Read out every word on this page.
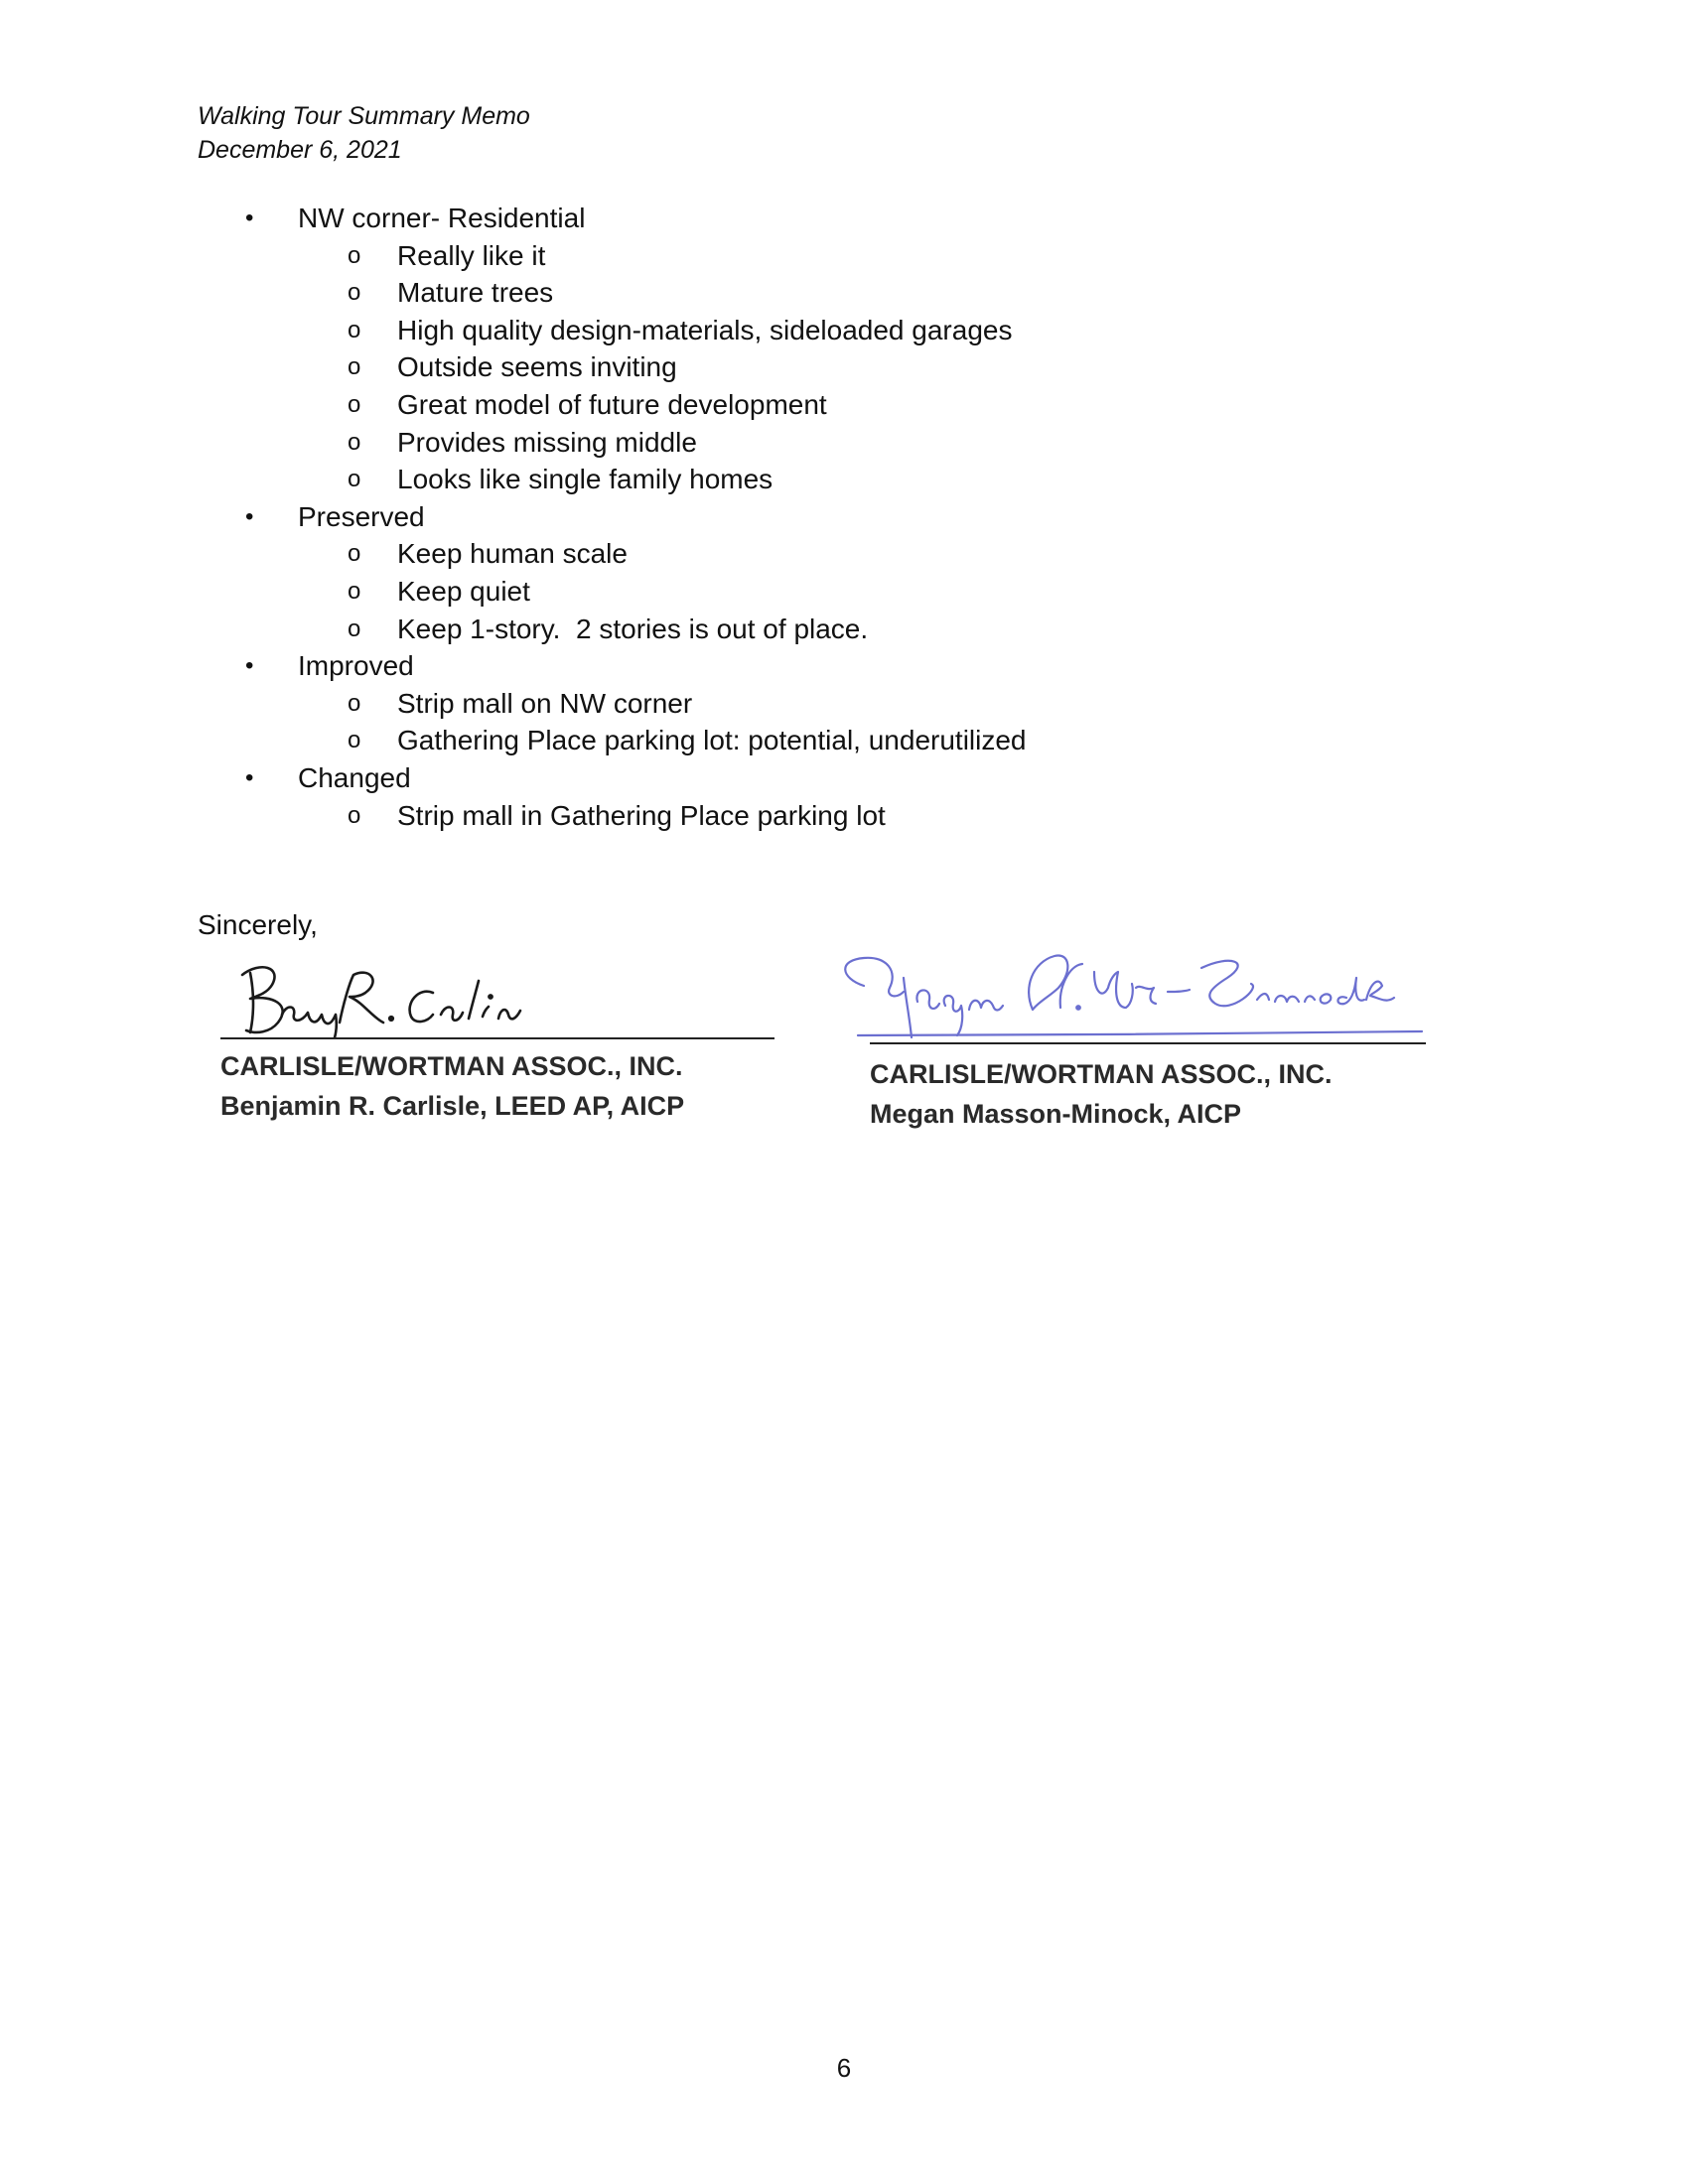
Walking Tour Summary Memo
December 6, 2021
• NW corner- Residential
o Really like it
o Mature trees
o High quality design-materials, sideloaded garages
o Outside seems inviting
o Great model of future development
o Provides missing middle
o Looks like single family homes
• Preserved
o Keep human scale
o Keep quiet
o Keep 1-story.  2 stories is out of place.
• Improved
o Strip mall on NW corner
o Gathering Place parking lot: potential, underutilized
• Changed
o Strip mall in Gathering Place parking lot
Sincerely,
CARLISLE/WORTMAN ASSOC., INC.
Benjamin R. Carlisle, LEED AP, AICP
CARLISLE/WORTMAN ASSOC., INC.
Megan Masson-Minock, AICP
6
